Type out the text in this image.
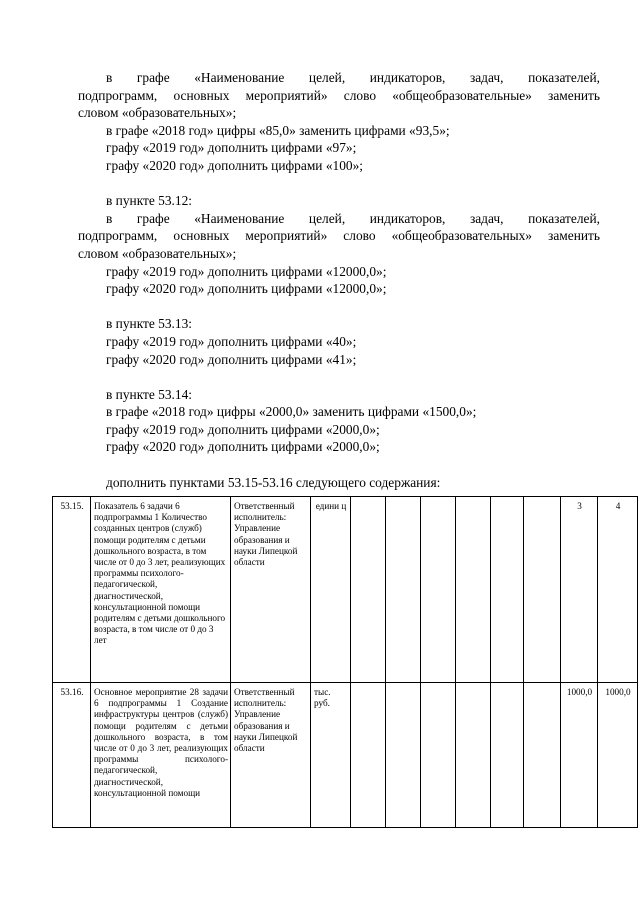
в графе «Наименование целей, индикаторов, задач, показателей,

подпрограмм, основных мероприятий» слово «общеобразовательные» заменить

словом «образовательных»;

в графе «2018 год» цифры «85,0» заменить цифрами «93,5»;

графу «2019 год» дополнить цифрами «97»;

графу «2020 год» дополнить цифрами «100»;

в пункте 53.12:

в графе «Наименование целей, индикаторов, задач, показателей,

подпрограмм, основных мероприятий» слово «общеобразовательных» заменить

словом «образовательных»;

графу «2019 год» дополнить цифрами «12000,0»;

графу «2020 год» дополнить цифрами «12000,0»;

в пункте 53.13:

графу «2019 год» дополнить цифрами «40»;

графу «2020 год» дополнить цифрами «41»;

в пункте 53.14:

в графе «2018 год» цифры «2000,0» заменить цифрами «1500,0»;

графу «2019 год» дополнить цифрами «2000,0»;

графу «2020 год» дополнить цифрами «2000,0»;

дополнить пунктами 53.15-53.16 следующего содержания:

53.15.	Показатель 6 задачи 6 подпрограммы 1 Количество созданных центров (служб) помощи родителям с детьми дошкольного возраста, в том числе от 0 до 3 лет, реализующих программы психолого-педагогической, диагностической, консультационной помощи родителям с детьми дошкольного возраста, в том числе от 0 до 3 лет	Ответственный исполнитель: Управление образования и науки Липецкой области	едини ц							3	4
53.16.	Основное мероприятие 28 задачи 6 подпрограммы 1 Создание инфраструктуры центров (служб) помощи родителям с детьми дошкольного возраста, в том числе от 0 до 3 лет, реализующих программы психолого-педагогической, диагностической, консультационной помощи	Ответственный исполнитель: Управление образования и науки Липецкой области	тыс. руб.							1000,0	1000,0
